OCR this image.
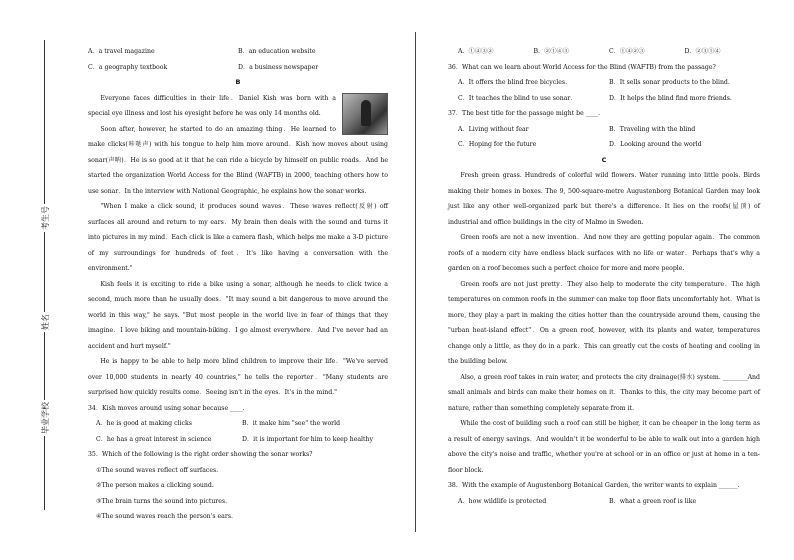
考生号
姓名
毕业学校
A．a travel magazine	B．an education website
C．a geography textbook	D．a business newspaper
B

Everyone faces difficulties in their life．Daniel Kish was born with a special eye illness and lost his eyesight before he was only 14 months old.

Soon after, however, he started to do an amazing thing．He learned to make clicks(咔哒声) with his tongue to help him move around．Kish now moves about using sonar(声呐)．He is so good at it that he can ride a bicycle by himself on public roads．And he started the organization World Access for the Blind (WAFTB) in 2000, teaching others how to use sonar．In the interview with National Geographic, he explains how the sonar works.

"When I make a click sound, it produces sound waves．These waves reflect(反射) off surfaces all around and return to my ears．My brain then deals with the sound and turns it into pictures in my mind．Each click is like a camera flash, which helps me make a 3-D picture of my surroundings for hundreds of feet．It's like having a conversation with the environment."

Kish feels it is exciting to ride a bike using a sonar, although he needs to click twice a second, much more than he usually does．"It may sound a bit dangerous to move around the world in this way," he says. "But most people in the world live in fear of things that they imagine．I love biking and mountain-biking．I go almost everywhere．And I've never had an accident and hurt myself."

He is happy to be able to help more blind children to improve their life．"We've served over 10,000 students in nearly 40 countries," he tells the reporter．"Many students are surprised how quickly results come．Seeing isn't in the eyes．It's in the mind."

34．Kish moves around using sonar because ____.

A．he is good at making clicks	B．it make him "see" the world
C．he has a great interest in science	D．it is important for him to keep healthy

35．Which of the following is the right order showing the sonar works?

①The sound waves reflect off surfaces.

②The person makes a clicking sound.

③The brain turns the sound into pictures.

④The sound waves reach the person's ears.

A．①④③②	B．②①④③	C．①④②③	D．②③①④

36．What can we learn about World Access for the Blind (WAFTB) from the passage?

A．It offers the blind free bicycles.	B．It sells sonar products to the blind.
C．It teaches the blind to use sonar．	D．It helps the blind find more friends.

37．The best title for the passage might be ____.

A．Living without fear	B．Traveling with the blind
C．Hoping for the future	D．Looking around the world
C

Fresh green grass. Hundreds of colorful wild flowers. Water running into little pools. Birds making their homes in boxes. The 9, 500-square-metre Augustenborg Botanical Garden may look just like any other well-organized park but there's a difference. It lies on the roofs(屋顶) of industrial and office buildings in the city of Malmo in Sweden.

Green roofs are not a new invention．And now they are getting popular again．The common roofs of a modern city have endless black surfaces with no life or water．Perhaps that's why a garden on a roof becomes such a perfect choice for more and more people.

Green roofs are not just pretty．They also help to moderate the city temperature．The high temperatures on common roofs in the summer can make top floor flats uncomfortably hot．What is more, they play a part in making the cities hotter than the countryside around them, causing the "urban heat-island effect"．On a green roof, however, with its plants and water, temperatures change only a little, as they do in a park．This can greatly cut the costs of heating and cooling in the building below.

Also, a green roof takes in rain water, and protects the city drainage(排水) system. ________And small animals and birds can make their homes on it．Thanks to this, the city may become part of nature, rather than something completely separate from it.

While the cost of building such a roof can still be higher, it can be cheaper in the long term as a result of energy savings．And wouldn't it be wonderful to be able to walk out into a garden high above the city's noise and traffic, whether you're at school or in an office or just at home in a ten-floor block.

38．With the example of Augustenborg Botanical Garden, the writer wants to explain ______.

A．how wildlife is protected	B．what a green roof is like
